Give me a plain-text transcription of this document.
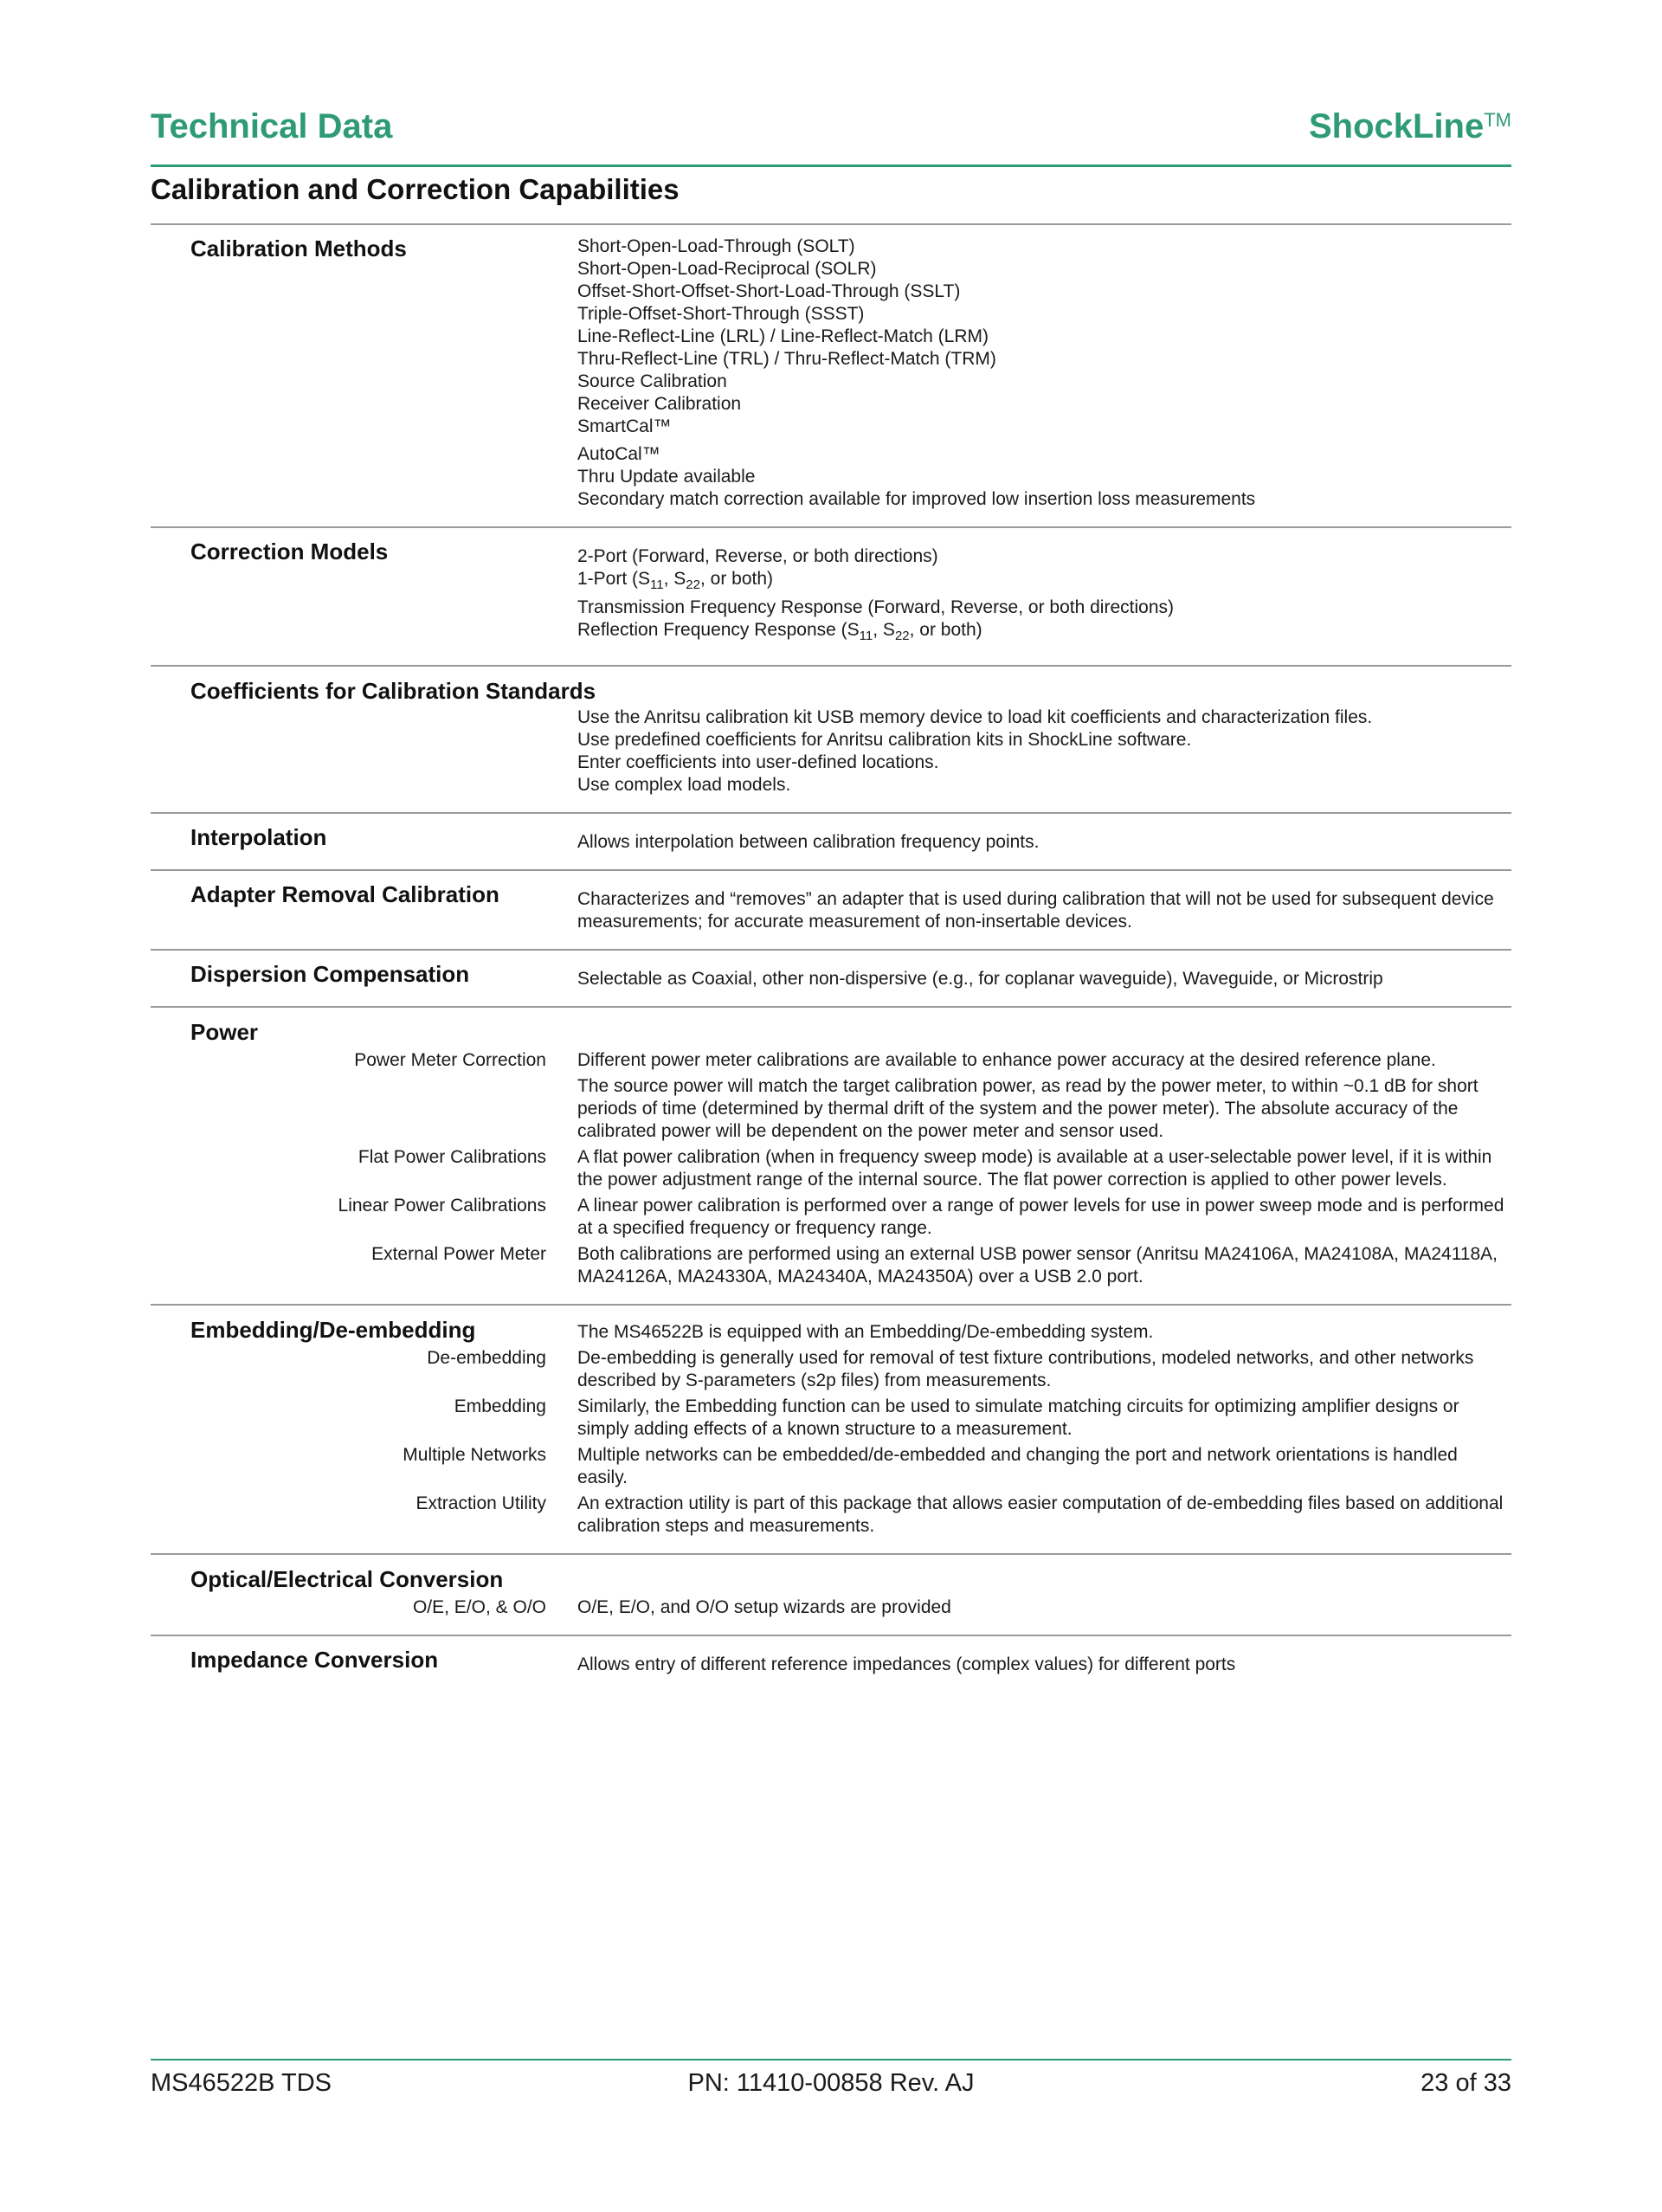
Technical Data	ShockLine™
Calibration and Correction Capabilities
Calibration Methods	Short-Open-Load-Through (SOLT)
Short-Open-Load-Reciprocal (SOLR)
Offset-Short-Offset-Short-Load-Through (SSLT)
Triple-Offset-Short-Through (SSST)
Line-Reflect-Line (LRL) / Line-Reflect-Match (LRM)
Thru-Reflect-Line (TRL) / Thru-Reflect-Match (TRM)
Source Calibration
Receiver Calibration
SmartCal™
AutoCal™
Thru Update available
Secondary match correction available for improved low insertion loss measurements
Correction Models	2-Port (Forward, Reverse, or both directions)
1-Port ($S_{11}$, $S_{22}$, or both)
Transmission Frequency Response (Forward, Reverse, or both directions)
Reflection Frequency Response ($S_{11}$, $S_{22}$, or both)
Coefficients for Calibration Standards
Use the Anritsu calibration kit USB memory device to load kit coefficients and characterization files.
Use predefined coefficients for Anritsu calibration kits in ShockLine software.
Enter coefficients into user-defined locations.
Use complex load models.
Interpolation	Allows interpolation between calibration frequency points.
Adapter Removal Calibration	Characterizes and “removes” an adapter that is used during calibration that will not be used for subsequent device measurements; for accurate measurement of non-insertable devices.
Dispersion Compensation	Selectable as Coaxial, other non-dispersive (e.g., for coplanar waveguide), Waveguide, or Microstrip
Power
Power Meter Correction	Different power meter calibrations are available to enhance power accuracy at the desired reference plane.
The source power will match the target calibration power, as read by the power meter, to within ~0.1 dB for short periods of time (determined by thermal drift of the system and the power meter). The absolute accuracy of the calibrated power will be dependent on the power meter and sensor used.
Flat Power Calibrations	A flat power calibration (when in frequency sweep mode) is available at a user-selectable power level, if it is within the power adjustment range of the internal source. The flat power correction is applied to other power levels.
Linear Power Calibrations	A linear power calibration is performed over a range of power levels for use in power sweep mode and is performed at a specified frequency or frequency range.
External Power Meter	Both calibrations are performed using an external USB power sensor (Anritsu MA24106A, MA24108A, MA24118A, MA24126A, MA24330A, MA24340A, MA24350A) over a USB 2.0 port.
Embedding/De-embedding	The MS46522B is equipped with an Embedding/De-embedding system.
De-embedding	De-embedding is generally used for removal of test fixture contributions, modeled networks, and other networks described by S-parameters (s2p files) from measurements.
Embedding	Similarly, the Embedding function can be used to simulate matching circuits for optimizing amplifier designs or simply adding effects of a known structure to a measurement.
Multiple Networks	Multiple networks can be embedded/de-embedded and changing the port and network orientations is handled easily.
Extraction Utility	An extraction utility is part of this package that allows easier computation of de-embedding files based on additional calibration steps and measurements.
Optical/Electrical Conversion
O/E, E/O, & O/O	O/E, E/O, and O/O setup wizards are provided
Impedance Conversion	Allows entry of different reference impedances (complex values) for different ports
MS46522B TDS	PN: 11410-00858 Rev. AJ	23 of 33
